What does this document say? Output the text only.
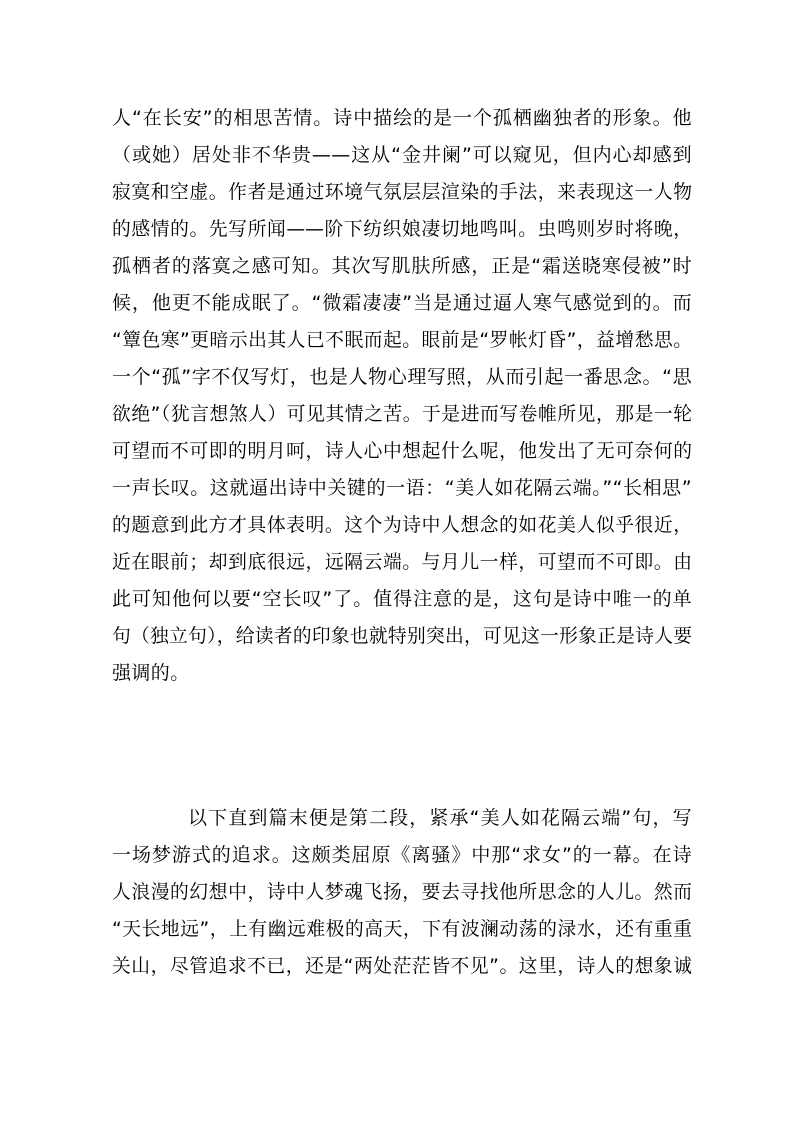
人“在长安”的相思苦情。诗中描绘的是一个孤栖幽独者的形象。他
（或她）居处非不华贵——这从“金井阑”可以窥见，但内心却感到
寂寞和空虚。作者是通过环境气氛层层渲染的手法，来表现这一人物
的感情的。先写所闻——阶下纺织娘凄切地鸣叫。虫鸣则岁时将晚，
孤栖者的落寞之感可知。其次写肌肤所感，正是“霜送晓寒侵被”时
候，他更不能成眠了。“微霜凄凄”当是通过逼人寒气感觉到的。而
“簟色寒”更暗示出其人已不眠而起。眼前是“罗帐灯昏”，益增愁思。
一个“孤”字不仅写灯，也是人物心理写照，从而引起一番思念。“思
欲绝”（犹言想煞人）可见其情之苦。于是进而写卷帷所见，那是一轮
可望而不可即的明月呵，诗人心中想起什么呢，他发出了无可奈何的
一声长叹。这就逼出诗中关键的一语：“美人如花隔云端。”“长相思”
的题意到此方才具体表明。这个为诗中人想念的如花美人似乎很近，
近在眼前；却到底很远，远隔云端。与月儿一样，可望而不可即。由
此可知他何以要“空长叹”了。值得注意的是，这句是诗中唯一的单
句（独立句），给读者的印象也就特别突出，可见这一形象正是诗人要
强调的。
以下直到篇末便是第二段，紧承“美人如花隔云端”句，写
一场梦游式的追求。这颇类屈原《离骚》中那“求女”的一幕。在诗
人浪漫的幻想中，诗中人梦魂飞扬，要去寻找他所思念的人儿。然而
“天长地远”，上有幽远难极的高天，下有波澜动荡的渌水，还有重重
关山，尽管追求不已，还是“两处茫茫皆不见”。这里，诗人的想象诚
